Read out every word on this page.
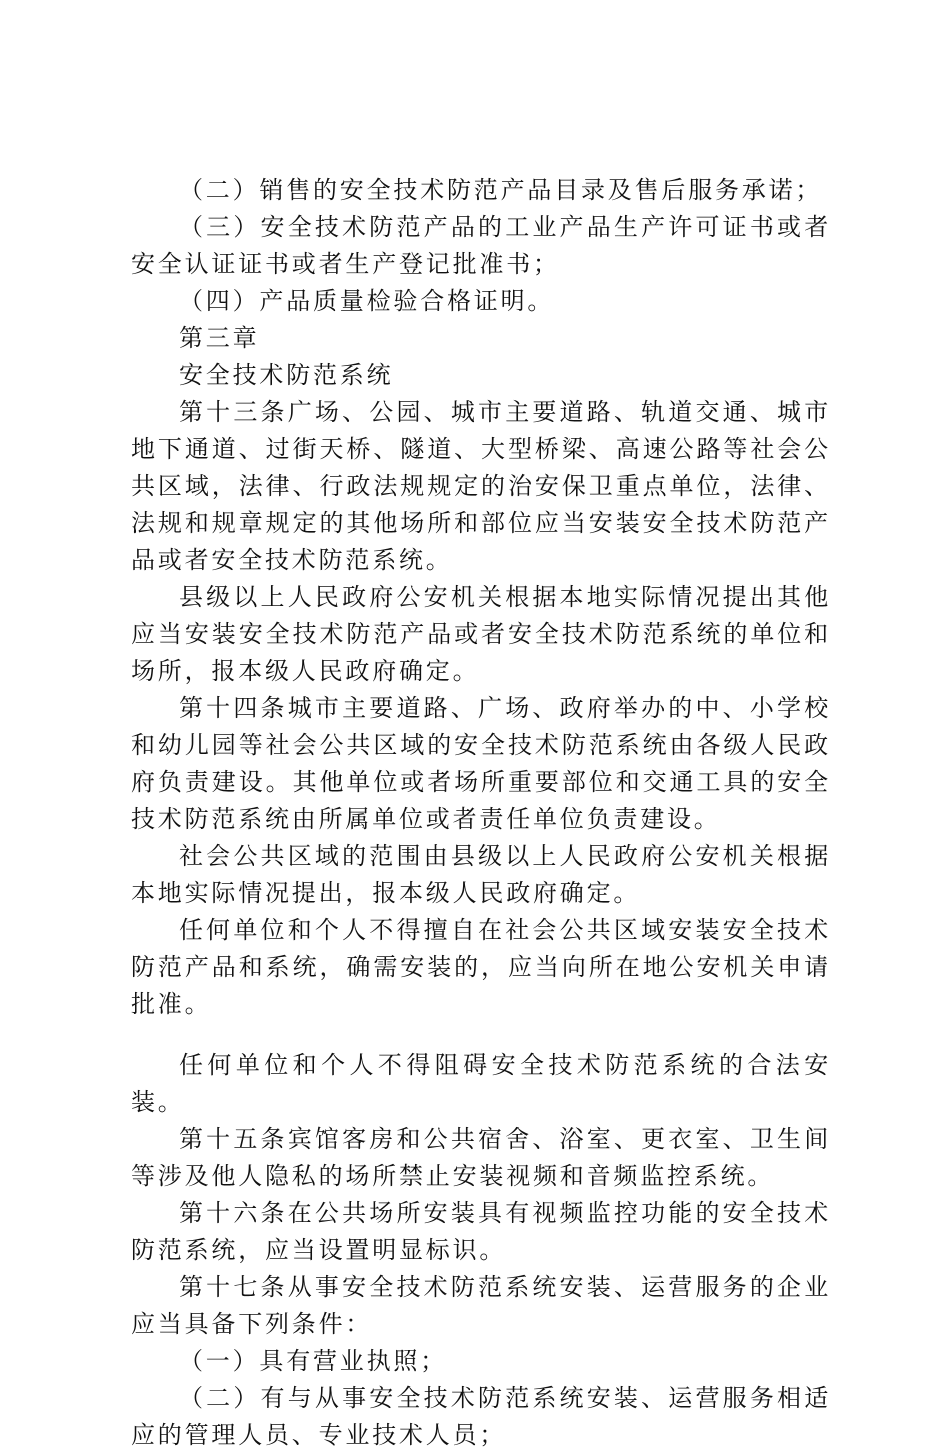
（二）销售的安全技术防范产品目录及售后服务承诺；

（三）安全技术防范产品的工业产品生产许可证书或者安全认证证书或者生产登记批准书；

（四）产品质量检验合格证明。

第三章

安全技术防范系统

第十三条广场、公园、城市主要道路、轨道交通、城市地下通道、过街天桥、隧道、大型桥梁、高速公路等社会公共区域，法律、行政法规规定的治安保卫重点单位，法律、法规和规章规定的其他场所和部位应当安装安全技术防范产品或者安全技术防范系统。

县级以上人民政府公安机关根据本地实际情况提出其他应当安装安全技术防范产品或者安全技术防范系统的单位和场所，报本级人民政府确定。

第十四条城市主要道路、广场、政府举办的中、小学校和幼儿园等社会公共区域的安全技术防范系统由各级人民政府负责建设。其他单位或者场所重要部位和交通工具的安全技术防范系统由所属单位或者责任单位负责建设。

社会公共区域的范围由县级以上人民政府公安机关根据本地实际情况提出，报本级人民政府确定。

任何单位和个人不得擅自在社会公共区域安装安全技术防范产品和系统，确需安装的，应当向所在地公安机关申请批准。

任何单位和个人不得阻碍安全技术防范系统的合法安装。

第十五条宾馆客房和公共宿舍、浴室、更衣室、卫生间等涉及他人隐私的场所禁止安装视频和音频监控系统。

第十六条在公共场所安装具有视频监控功能的安全技术防范系统，应当设置明显标识。

第十七条从事安全技术防范系统安装、运营服务的企业应当具备下列条件：

（一）具有营业执照；

（二）有与从事安全技术防范系统安装、运营服务相适应的管理人员、专业技术人员；
